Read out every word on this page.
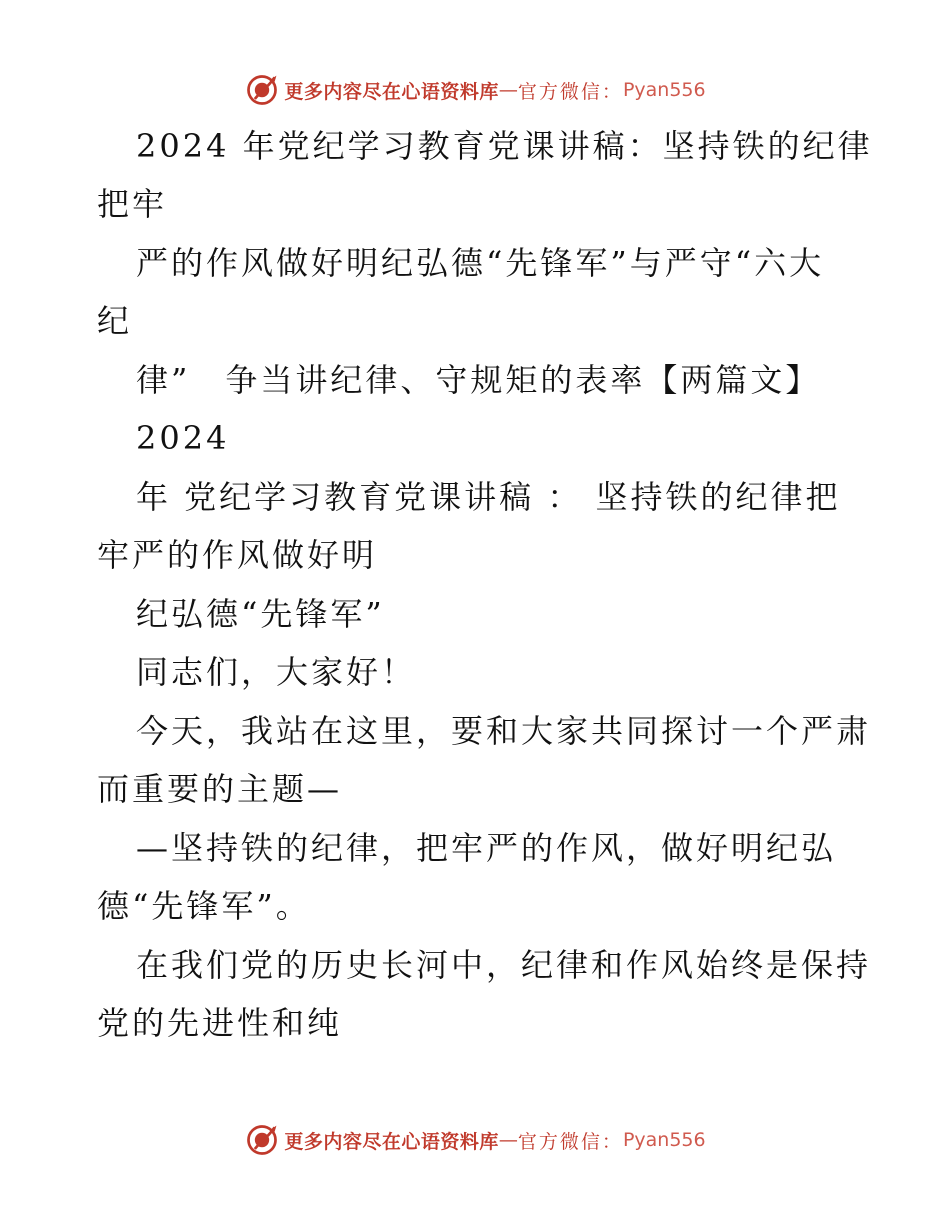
更多内容尽在心语资料库 — 官方微信： Pyan556
2024 年党纪学习教育党课讲稿：坚持铁的纪律
把牢
严的作风做好明纪弘德“先锋军”与严守“六大
纪
律”　争当讲纪律、守规矩的表率【两篇文】
2024
年 党纪学习教育党课讲稿 ： 坚持铁的纪律把
牢严的作风做好明
纪弘德“先锋军”
同志们，大家好！
今天，我站在这里，要和大家共同探讨一个严肃
而重要的主题—
—坚持铁的纪律，把牢严的作风，做好明纪弘
德“先锋军”。
在我们党的历史长河中，纪律和作风始终是保持
党的先进性和纯
更多内容尽在心语资料库 — 官方微信： Pyan556
